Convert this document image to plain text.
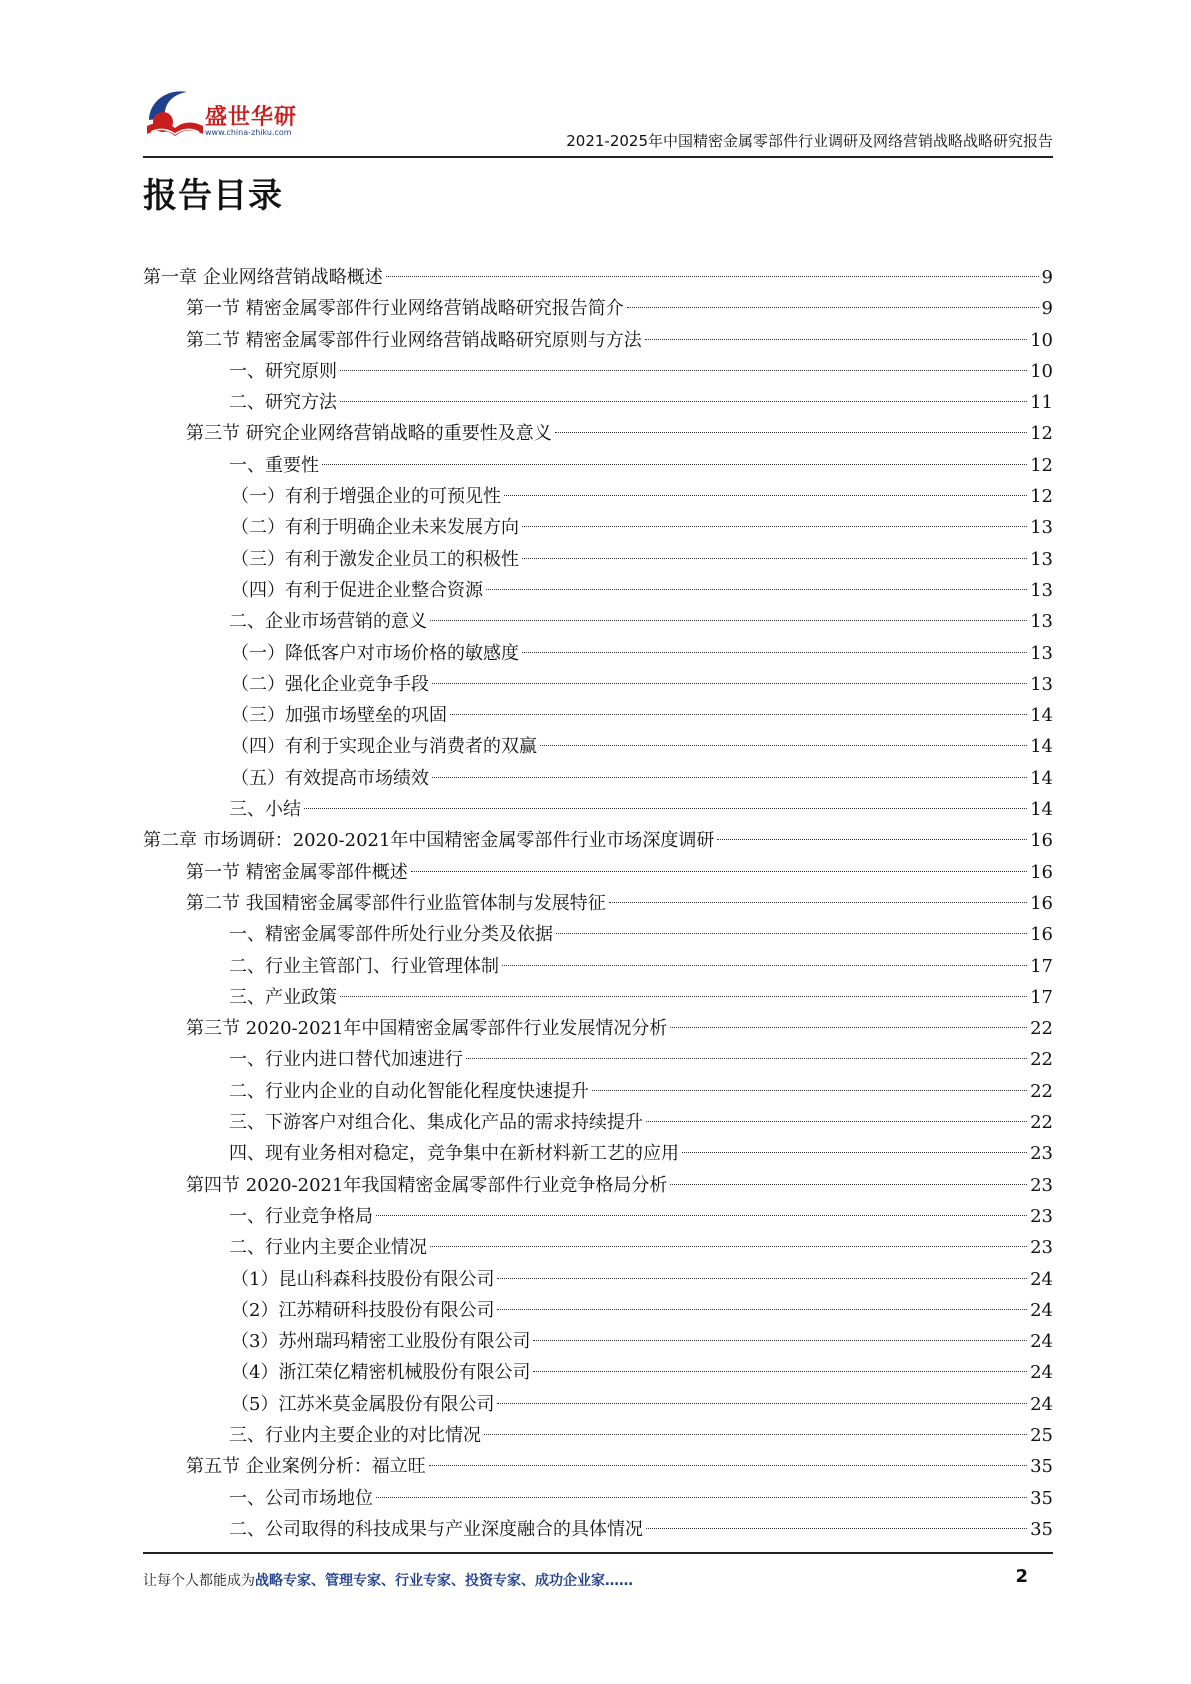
盛世华研
www.china-zhiku.com	2021-2025年中国精密金属零部件行业调研及网络营销战略战略研究报告
报告目录
第一章 企业网络营销战略概述	9
第一节 精密金属零部件行业网络营销战略研究报告简介	9
第二节 精密金属零部件行业网络营销战略研究原则与方法	10
一、研究原则	10
二、研究方法	11
第三节 研究企业网络营销战略的重要性及意义	12
一、重要性	12
（一）有利于增强企业的可预见性	12
（二）有利于明确企业未来发展方向	13
（三）有利于激发企业员工的积极性	13
（四）有利于促进企业整合资源	13
二、企业市场营销的意义	13
（一）降低客户对市场价格的敏感度	13
（二）强化企业竞争手段	13
（三）加强市场壁垒的巩固	14
（四）有利于实现企业与消费者的双赢	14
（五）有效提高市场绩效	14
三、小结	14
第二章 市场调研：2020-2021年中国精密金属零部件行业市场深度调研	16
第一节 精密金属零部件概述	16
第二节 我国精密金属零部件行业监管体制与发展特征	16
一、精密金属零部件所处行业分类及依据	16
二、行业主管部门、行业管理体制	17
三、产业政策	17
第三节 2020-2021年中国精密金属零部件行业发展情况分析	22
一、行业内进口替代加速进行	22
二、行业内企业的自动化智能化程度快速提升	22
三、下游客户对组合化、集成化产品的需求持续提升	22
四、现有业务相对稳定，竞争集中在新材料新工艺的应用	23
第四节 2020-2021年我国精密金属零部件行业竞争格局分析	23
一、行业竞争格局	23
二、行业内主要企业情况	23
（1）昆山科森科技股份有限公司	24
（2）江苏精研科技股份有限公司	24
（3）苏州瑞玛精密工业股份有限公司	24
（4）浙江荣亿精密机械股份有限公司	24
（5）江苏米莫金属股份有限公司	24
三、行业内主要企业的对比情况	25
第五节 企业案例分析：福立旺	35
一、公司市场地位	35
二、公司取得的科技成果与产业深度融合的具体情况	35
让每个人都能成为战略专家、管理专家、行业专家、投资专家、成功企业家……	2
